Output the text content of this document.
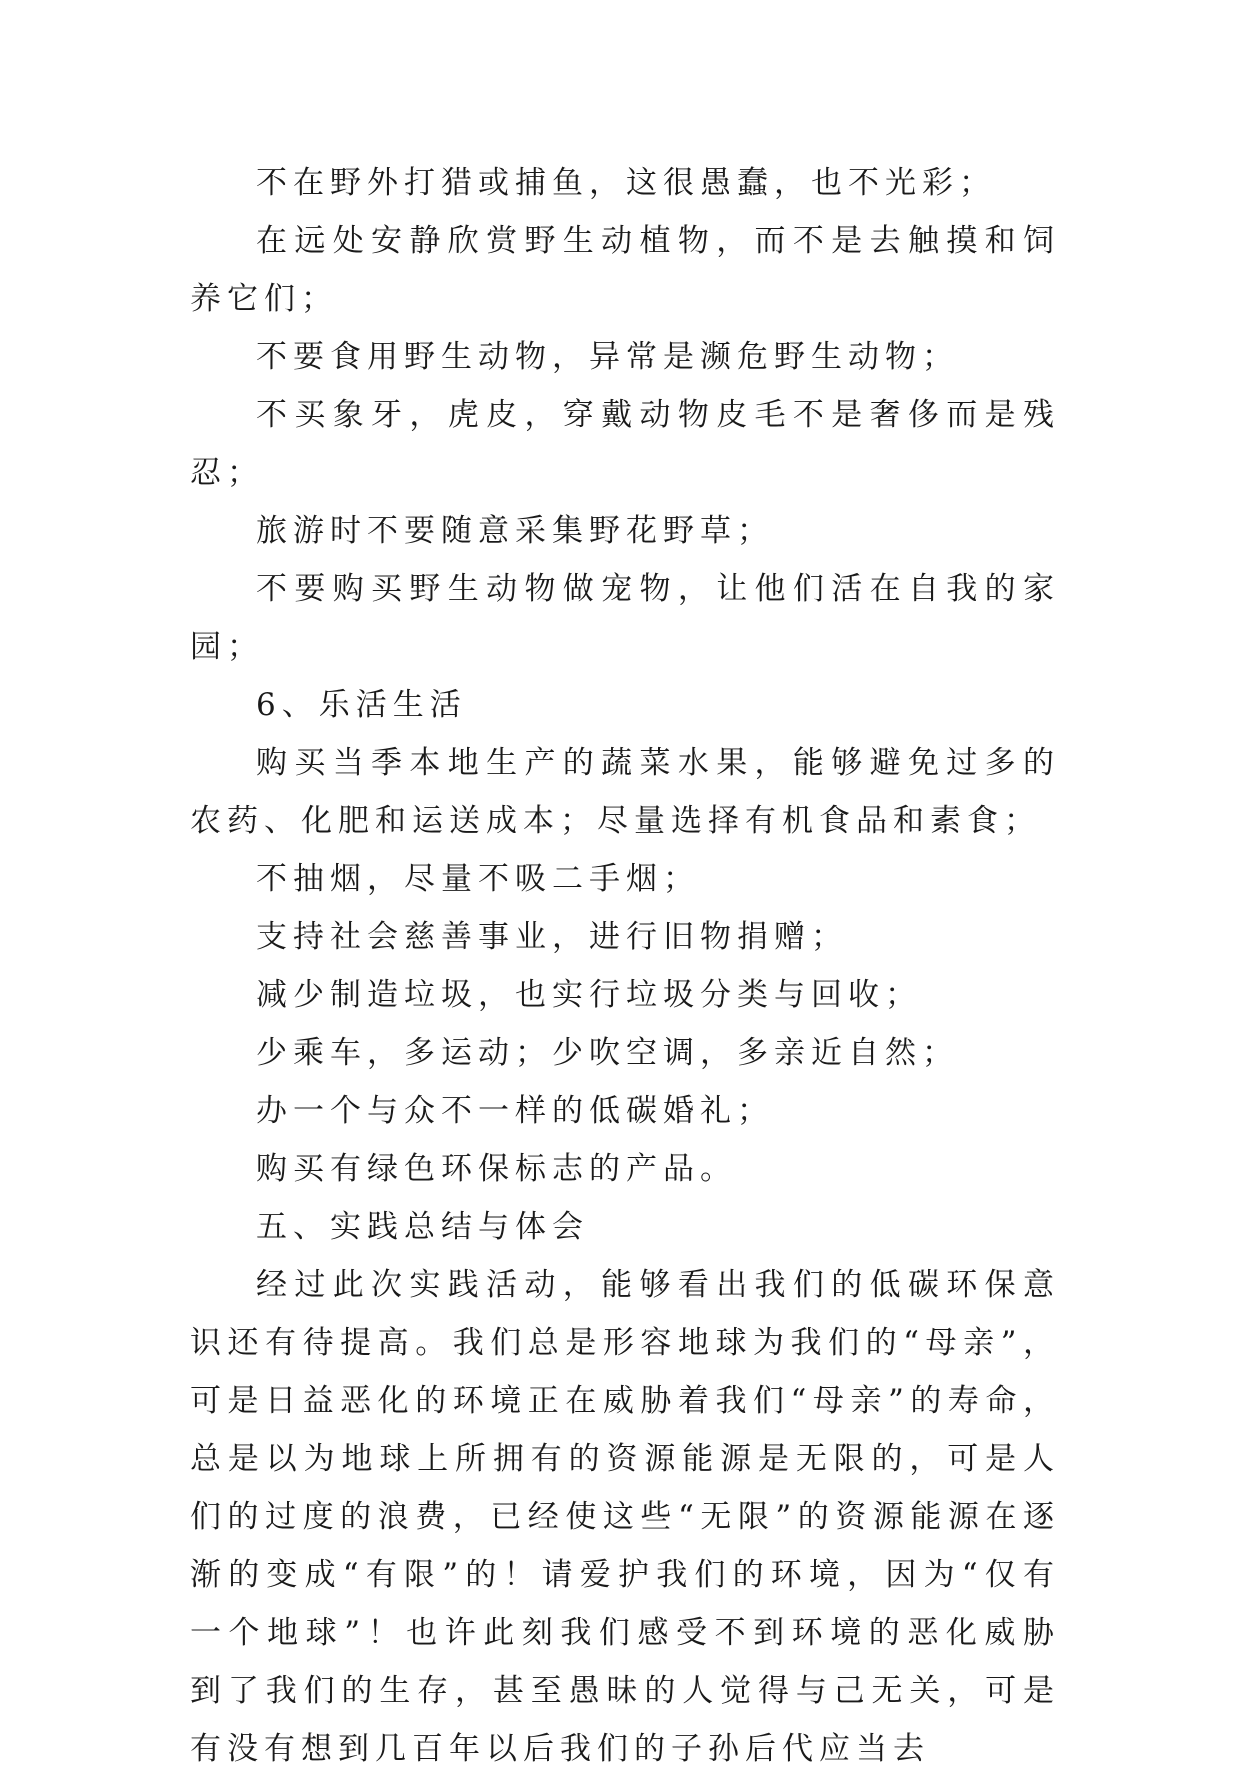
不在野外打猎或捕鱼，这很愚蠢，也不光彩；

在远处安静欣赏野生动植物，而不是去触摸和饲养它们；

不要食用野生动物，异常是濒危野生动物；

不买象牙，虎皮，穿戴动物皮毛不是奢侈而是残忍；

旅游时不要随意采集野花野草；

不要购买野生动物做宠物，让他们活在自我的家园；

6、乐活生活

购买当季本地生产的蔬菜水果，能够避免过多的农药、化肥和运送成本；尽量选择有机食品和素食；

不抽烟，尽量不吸二手烟；

支持社会慈善事业，进行旧物捐赠；

减少制造垃圾，也实行垃圾分类与回收；

少乘车，多运动；少吹空调，多亲近自然；

办一个与众不一样的低碳婚礼；

购买有绿色环保标志的产品。

五、实践总结与体会

经过此次实践活动，能够看出我们的低碳环保意识还有待提高。我们总是形容地球为我们的“母亲”，可是日益恶化的环境正在威胁着我们“母亲”的寿命，总是以为地球上所拥有的资源能源是无限的，可是人们的过度的浪费，已经使这些“无限”的资源能源在逐渐的变成“有限”的！请爱护我们的环境，因为“仅有一个地球”！也许此刻我们感受不到环境的恶化威胁到了我们的生存，甚至愚昧的人觉得与己无关，可是有没有想到几百年以后我们的子孙后代应当去
